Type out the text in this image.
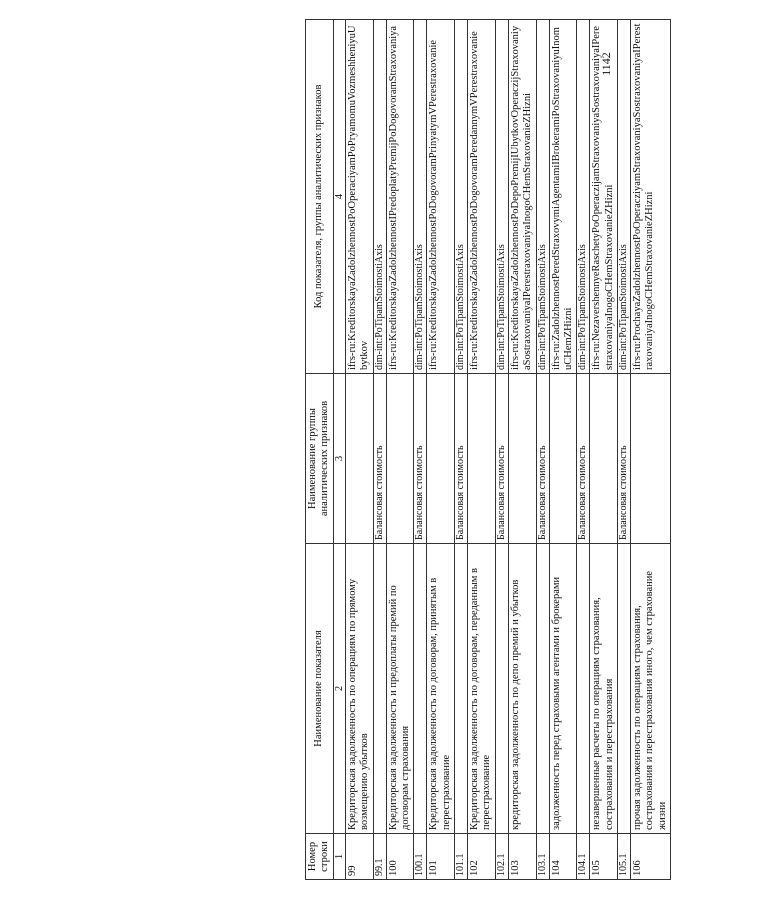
1142
Номер строки	Наименование показателя	Наименование группы аналитических признаков	Код показателя, группы аналитических признаков
1	2	3	4
99	Кредиторская задолженность по операциям по прямому возмещению убытков		ifrs-ru:KreditorskayaZadolzhennostPoOperaciyamPoPryamomuVozmeshheniyuUbytkov
99.1		Балансовая стоимость	dim-int:PoTipamStoimostiAxis
100	Кредиторская задолженность и предоплаты премий по договорам страхования		ifrs-ru:KreditorskayaZadolzhennostIPredoplatyPremijPoDogovoramStraxovaniya
100.1		Балансовая стоимость	dim-int:PoTipamStoimostiAxis
101	Кредиторская задолженность по договорам, принятым в перестрахование		ifrs-ru:KreditorskayaZadolzhennostPoDogovoramPrinyatymVPerestraxovanie
101.1		Балансовая стоимость	dim-int:PoTipamStoimostiAxis
102	Кредиторская задолженность по договорам, переданным в перестрахование		ifrs-ru:KreditorskayaZadolzhennostPoDogovoramPeredannymVPerestraxovanie
102.1		Балансовая стоимость	dim-int:PoTipamStoimostiAxis
103	кредиторская задолженность по депо премий и убытков		ifrs-ru:KreditorskayaZadolzhennostPoDepoPremijIUbytkovOperaczijStraxovaniyaSostraxovaniyaIPerestraxovaniyaInogoCHemStraxovanieZHizni
103.1		Балансовая стоимость	dim-int:PoTipamStoimostiAxis
104	задолженность перед страховыми агентами и брокерами		ifrs-ru:ZadolzhennostPeredStraxovymiAgentamiIBrokeramiPoStraxovaniyuInomuCHemZHizni
104.1		Балансовая стоимость	dim-int:PoTipamStoimostiAxis
105	незавершенные расчеты по операциям страхования, сострахования и перестрахования		ifrs-ru:NezavershennyeRaschetyPoOperaczijamStraxovaniyaSostraxovaniyaIPerestraxovaniyaInogoCHemStraxovanieZHizni
105.1		Балансовая стоимость	dim-int:PoTipamStoimostiAxis
106	прочая задолженность по операциям страхования, сострахования и перестрахования иного, чем страхование жизни		ifrs-ru:ProchayaZadolzhennostPoOperacziyamStraxovaniyaSostraxovaniyaIPerestraxovaniyaInogoCHemStraxovanieZHizni
